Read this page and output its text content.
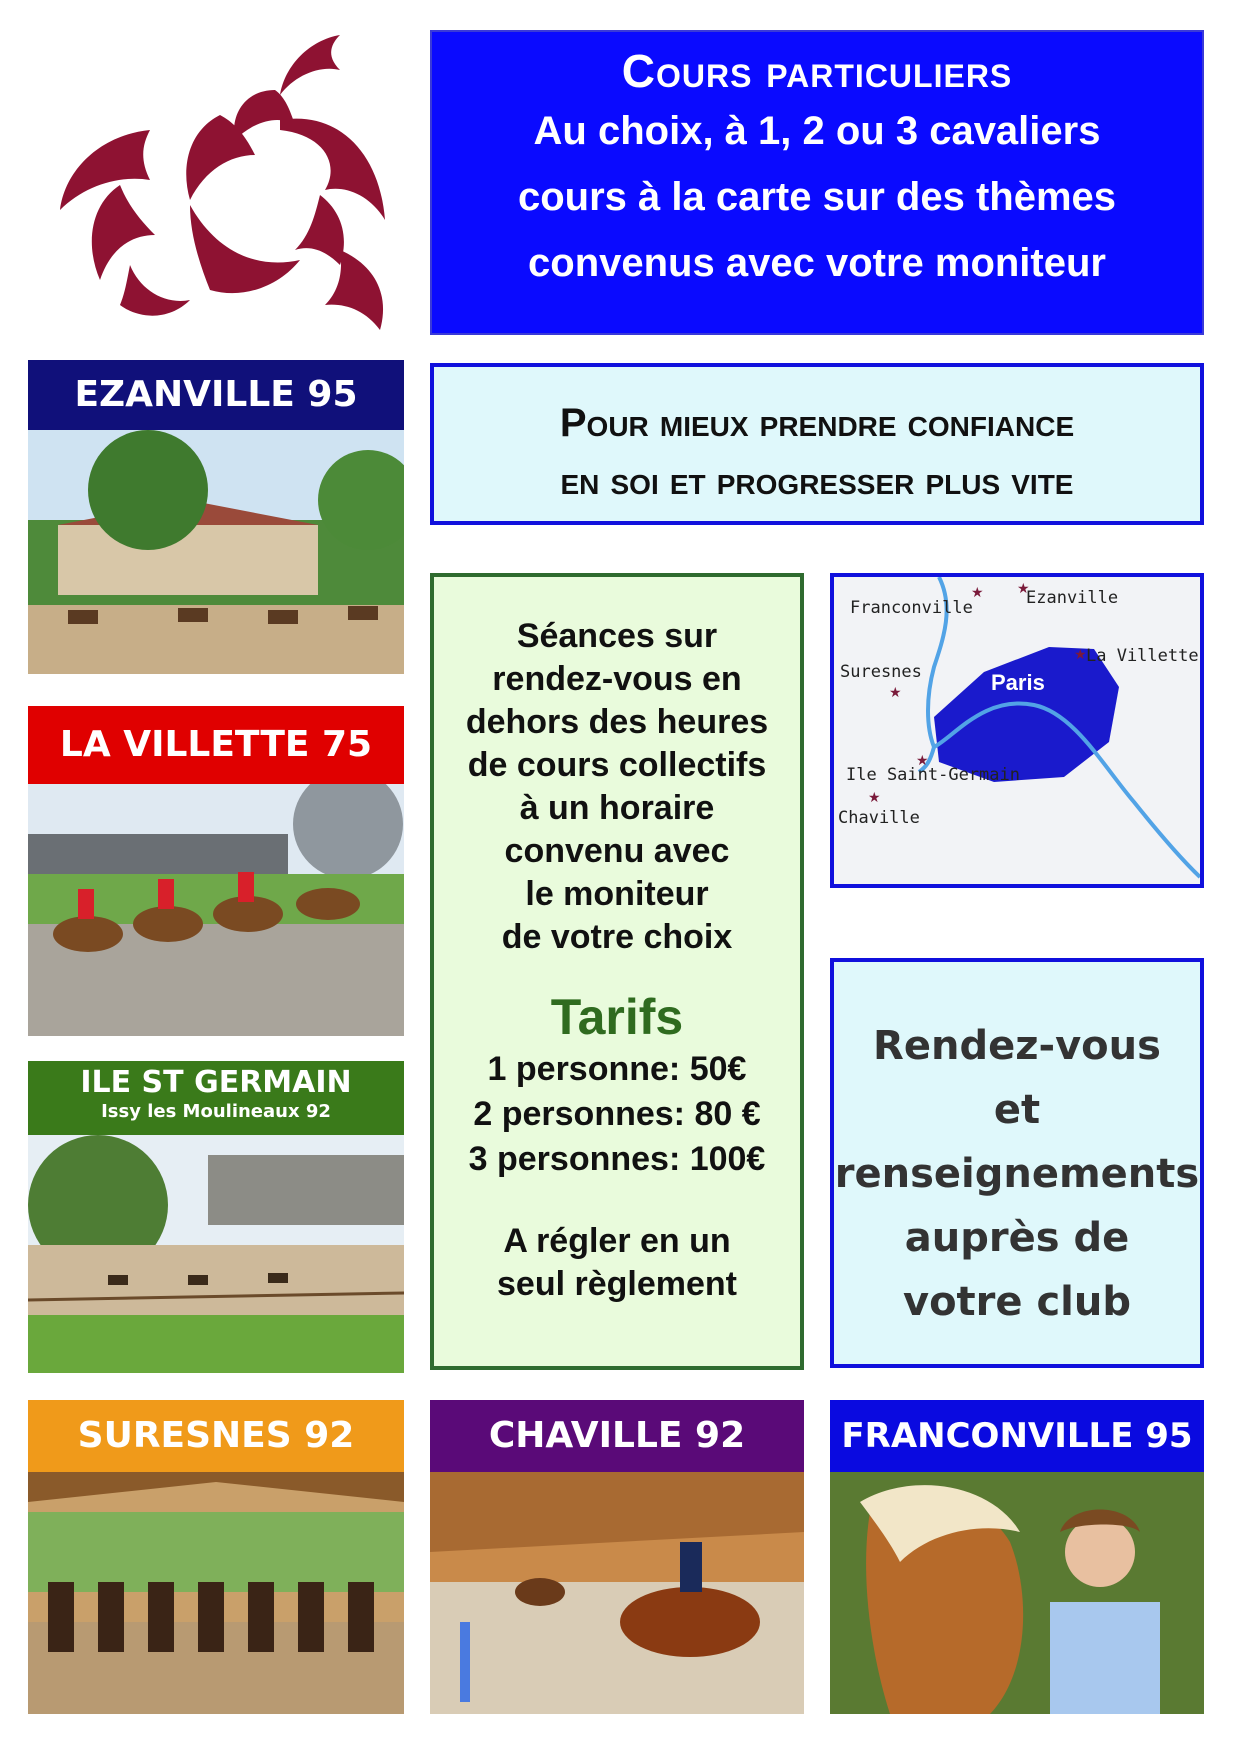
Cours particuliers
Au choix, à 1, 2 ou 3 cavaliers
cours à la carte sur des thèmes
convenus avec votre moniteur
Pour mieux prendre confiance
en soi et progresser plus vite
Séances sur
rendez-vous en
dehors des heures
de cours collectifs
à un horaire
convenu avec
le moniteur
de votre choix
Tarifs
1 personne: 50€
2 personnes: 80 €
3 personnes: 100€
A régler en un
seul règlement
★ ★
★
★
★
★
Franconville	Ezanville
La Villette
Suresnes
Ile Saint-Germain
Chaville
Paris
Rendez-vous
et
renseignements
auprès de
votre club
EZANVILLE 95
LA VILLETTE 75
ILE ST GERMAIN
Issy les Moulineaux 92
SURESNES 92	CHAVILLE 92	FRANCONVILLE 95
